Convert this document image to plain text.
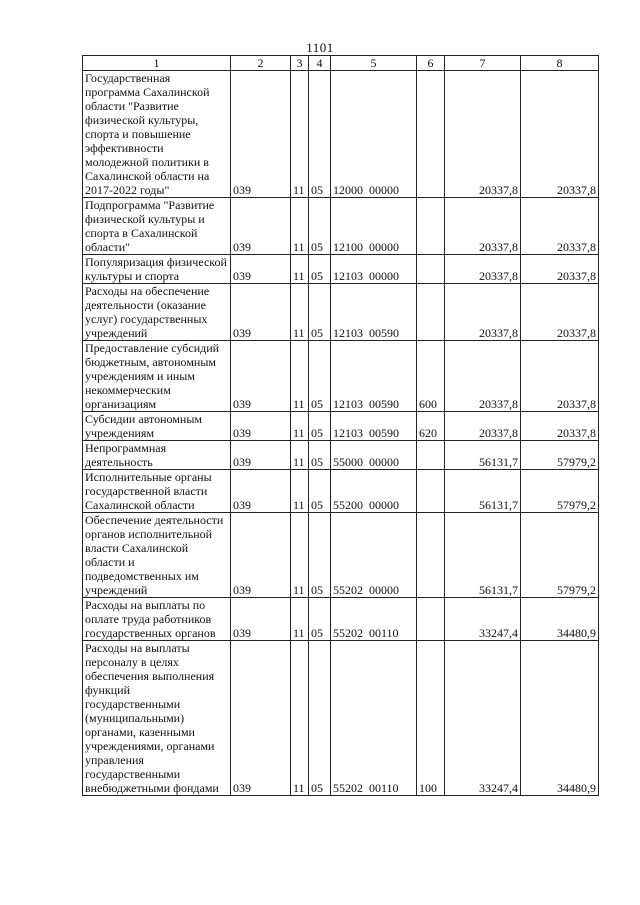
1101
1	2	3	4	5	6	7	8
Государственная программа Сахалинской области "Развитие физической культуры, спорта и повышение эффективности молодежной политики в Сахалинской области на 2017-2022 годы"	039	11	05	12000  00000		20337,8	20337,8
Подпрограмма "Развитие физической культуры и спорта в Сахалинской области"	039	11	05	12100  00000		20337,8	20337,8
Популяризация физической культуры и спорта	039	11	05	12103  00000		20337,8	20337,8
Расходы на обеспечение деятельности (оказание услуг) государственных учреждений	039	11	05	12103  00590		20337,8	20337,8
Предоставление субсидий бюджетным, автономным учреждениям и иным некоммерческим организациям	039	11	05	12103  00590	600	20337,8	20337,8
Субсидии автономным учреждениям	039	11	05	12103  00590	620	20337,8	20337,8
Непрограммная деятельность	039	11	05	55000  00000		56131,7	57979,2
Исполнительные органы государственной власти Сахалинской области	039	11	05	55200  00000		56131,7	57979,2
Обеспечение деятельности органов исполнительной власти Сахалинской области и подведомственных им учреждений	039	11	05	55202  00000		56131,7	57979,2
Расходы на выплаты по оплате труда работников государственных органов	039	11	05	55202  00110		33247,4	34480,9
Расходы на выплаты персоналу в целях обеспечения выполнения функций государственными (муниципальными) органами, казенными учреждениями, органами управления государственными внебюджетными фондами	039	11	05	55202  00110	100	33247,4	34480,9
